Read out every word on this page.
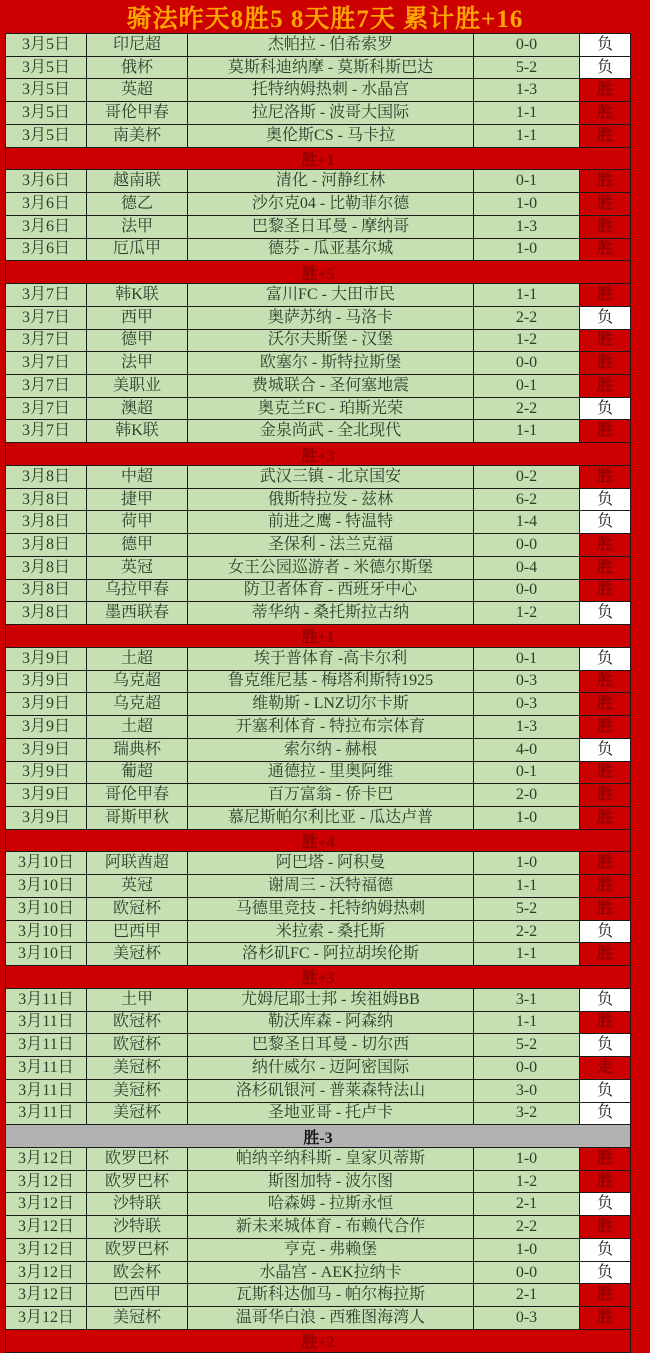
骑法昨天8胜5 8天胜7天 累计胜+16
3月5日	印尼超	杰帕拉 - 伯希索罗	0-0	负
3月5日	俄杯	莫斯科迪纳摩 - 莫斯科斯巴达	5-2	负
3月5日	英超	托特纳姆热刺 - 水晶宫	1-3	胜
3月5日	哥伦甲春	拉尼洛斯 - 波哥大国际	1-1	胜
3月5日	南美杯	奥伦斯CS - 马卡拉	1-1	胜
胜+1
3月6日	越南联	清化 - 河静红林	0-1	胜
3月6日	德乙	沙尔克04 - 比勒菲尔德	1-0	胜
3月6日	法甲	巴黎圣日耳曼 - 摩纳哥	1-3	胜
3月6日	厄瓜甲	德芬 - 瓜亚基尔城	1-0	胜
胜+5
3月7日	韩K联	富川FC - 大田市民	1-1	胜
3月7日	西甲	奥萨苏纳 - 马洛卡	2-2	负
3月7日	德甲	沃尔夫斯堡 - 汉堡	1-2	胜
3月7日	法甲	欧塞尔 - 斯特拉斯堡	0-0	胜
3月7日	美职业	费城联合 - 圣何塞地震	0-1	胜
3月7日	澳超	奥克兰FC - 珀斯光荣	2-2	负
3月7日	韩K联	金泉尚武 - 全北现代	1-1	胜
胜+3
3月8日	中超	武汉三镇 - 北京国安	0-2	胜
3月8日	捷甲	俄斯特拉发 - 兹林	6-2	负
3月8日	荷甲	前进之鹰 - 特温特	1-4	负
3月8日	德甲	圣保利 - 法兰克福	0-0	胜
3月8日	英冠	女王公园巡游者 - 米德尔斯堡	0-4	胜
3月8日	乌拉甲春	防卫者体育 - 西班牙中心	0-0	胜
3月8日	墨西联春	蒂华纳 - 桑托斯拉古纳	1-2	负
胜+1
3月9日	土超	埃于普体育 -高卡尔利	0-1	负
3月9日	乌克超	鲁克维尼基 - 梅塔利斯特1925	0-3	胜
3月9日	乌克超	维勒斯 - LNZ切尔卡斯	0-3	胜
3月9日	土超	开塞利体育 - 特拉布宗体育	1-3	胜
3月9日	瑞典杯	索尔纳 - 赫根	4-0	负
3月9日	葡超	通德拉 - 里奥阿维	0-1	胜
3月9日	哥伦甲春	百万富翁 - 侨卡巴	2-0	胜
3月9日	哥斯甲秋	慕尼斯帕尔利比亚 - 瓜达卢普	1-0	胜
胜+4
3月10日	阿联酋超	阿巴塔 - 阿积曼	1-0	胜
3月10日	英冠	谢周三 - 沃特福德	1-1	胜
3月10日	欧冠杯	马德里竞技 - 托特纳姆热刺	5-2	胜
3月10日	巴西甲	米拉索 - 桑托斯	2-2	负
3月10日	美冠杯	洛杉矶FC - 阿拉胡埃伦斯	1-1	胜
胜+3
3月11日	土甲	尤姆尼耶士邦 - 埃祖姆BB	3-1	负
3月11日	欧冠杯	勒沃库森 - 阿森纳	1-1	胜
3月11日	欧冠杯	巴黎圣日耳曼 - 切尔西	5-2	负
3月11日	美冠杯	纳什威尔 - 迈阿密国际	0-0	走
3月11日	美冠杯	洛杉矶银河 - 普莱森特法山	3-0	负
3月11日	美冠杯	圣地亚哥 - 托卢卡	3-2	负
胜-3
3月12日	欧罗巴杯	帕纳辛纳科斯 - 皇家贝蒂斯	1-0	胜
3月12日	欧罗巴杯	斯图加特 - 波尔图	1-2	胜
3月12日	沙特联	哈森姆 - 拉斯永恒	2-1	负
3月12日	沙特联	新未来城体育 - 布赖代合作	2-2	胜
3月12日	欧罗巴杯	亨克 - 弗赖堡	1-0	负
3月12日	欧会杯	水晶宫 - AEK拉纳卡	0-0	负
3月12日	巴西甲	瓦斯科达伽马 - 帕尔梅拉斯	2-1	胜
3月12日	美冠杯	温哥华白浪 - 西雅图海湾人	0-3	胜
胜+2
